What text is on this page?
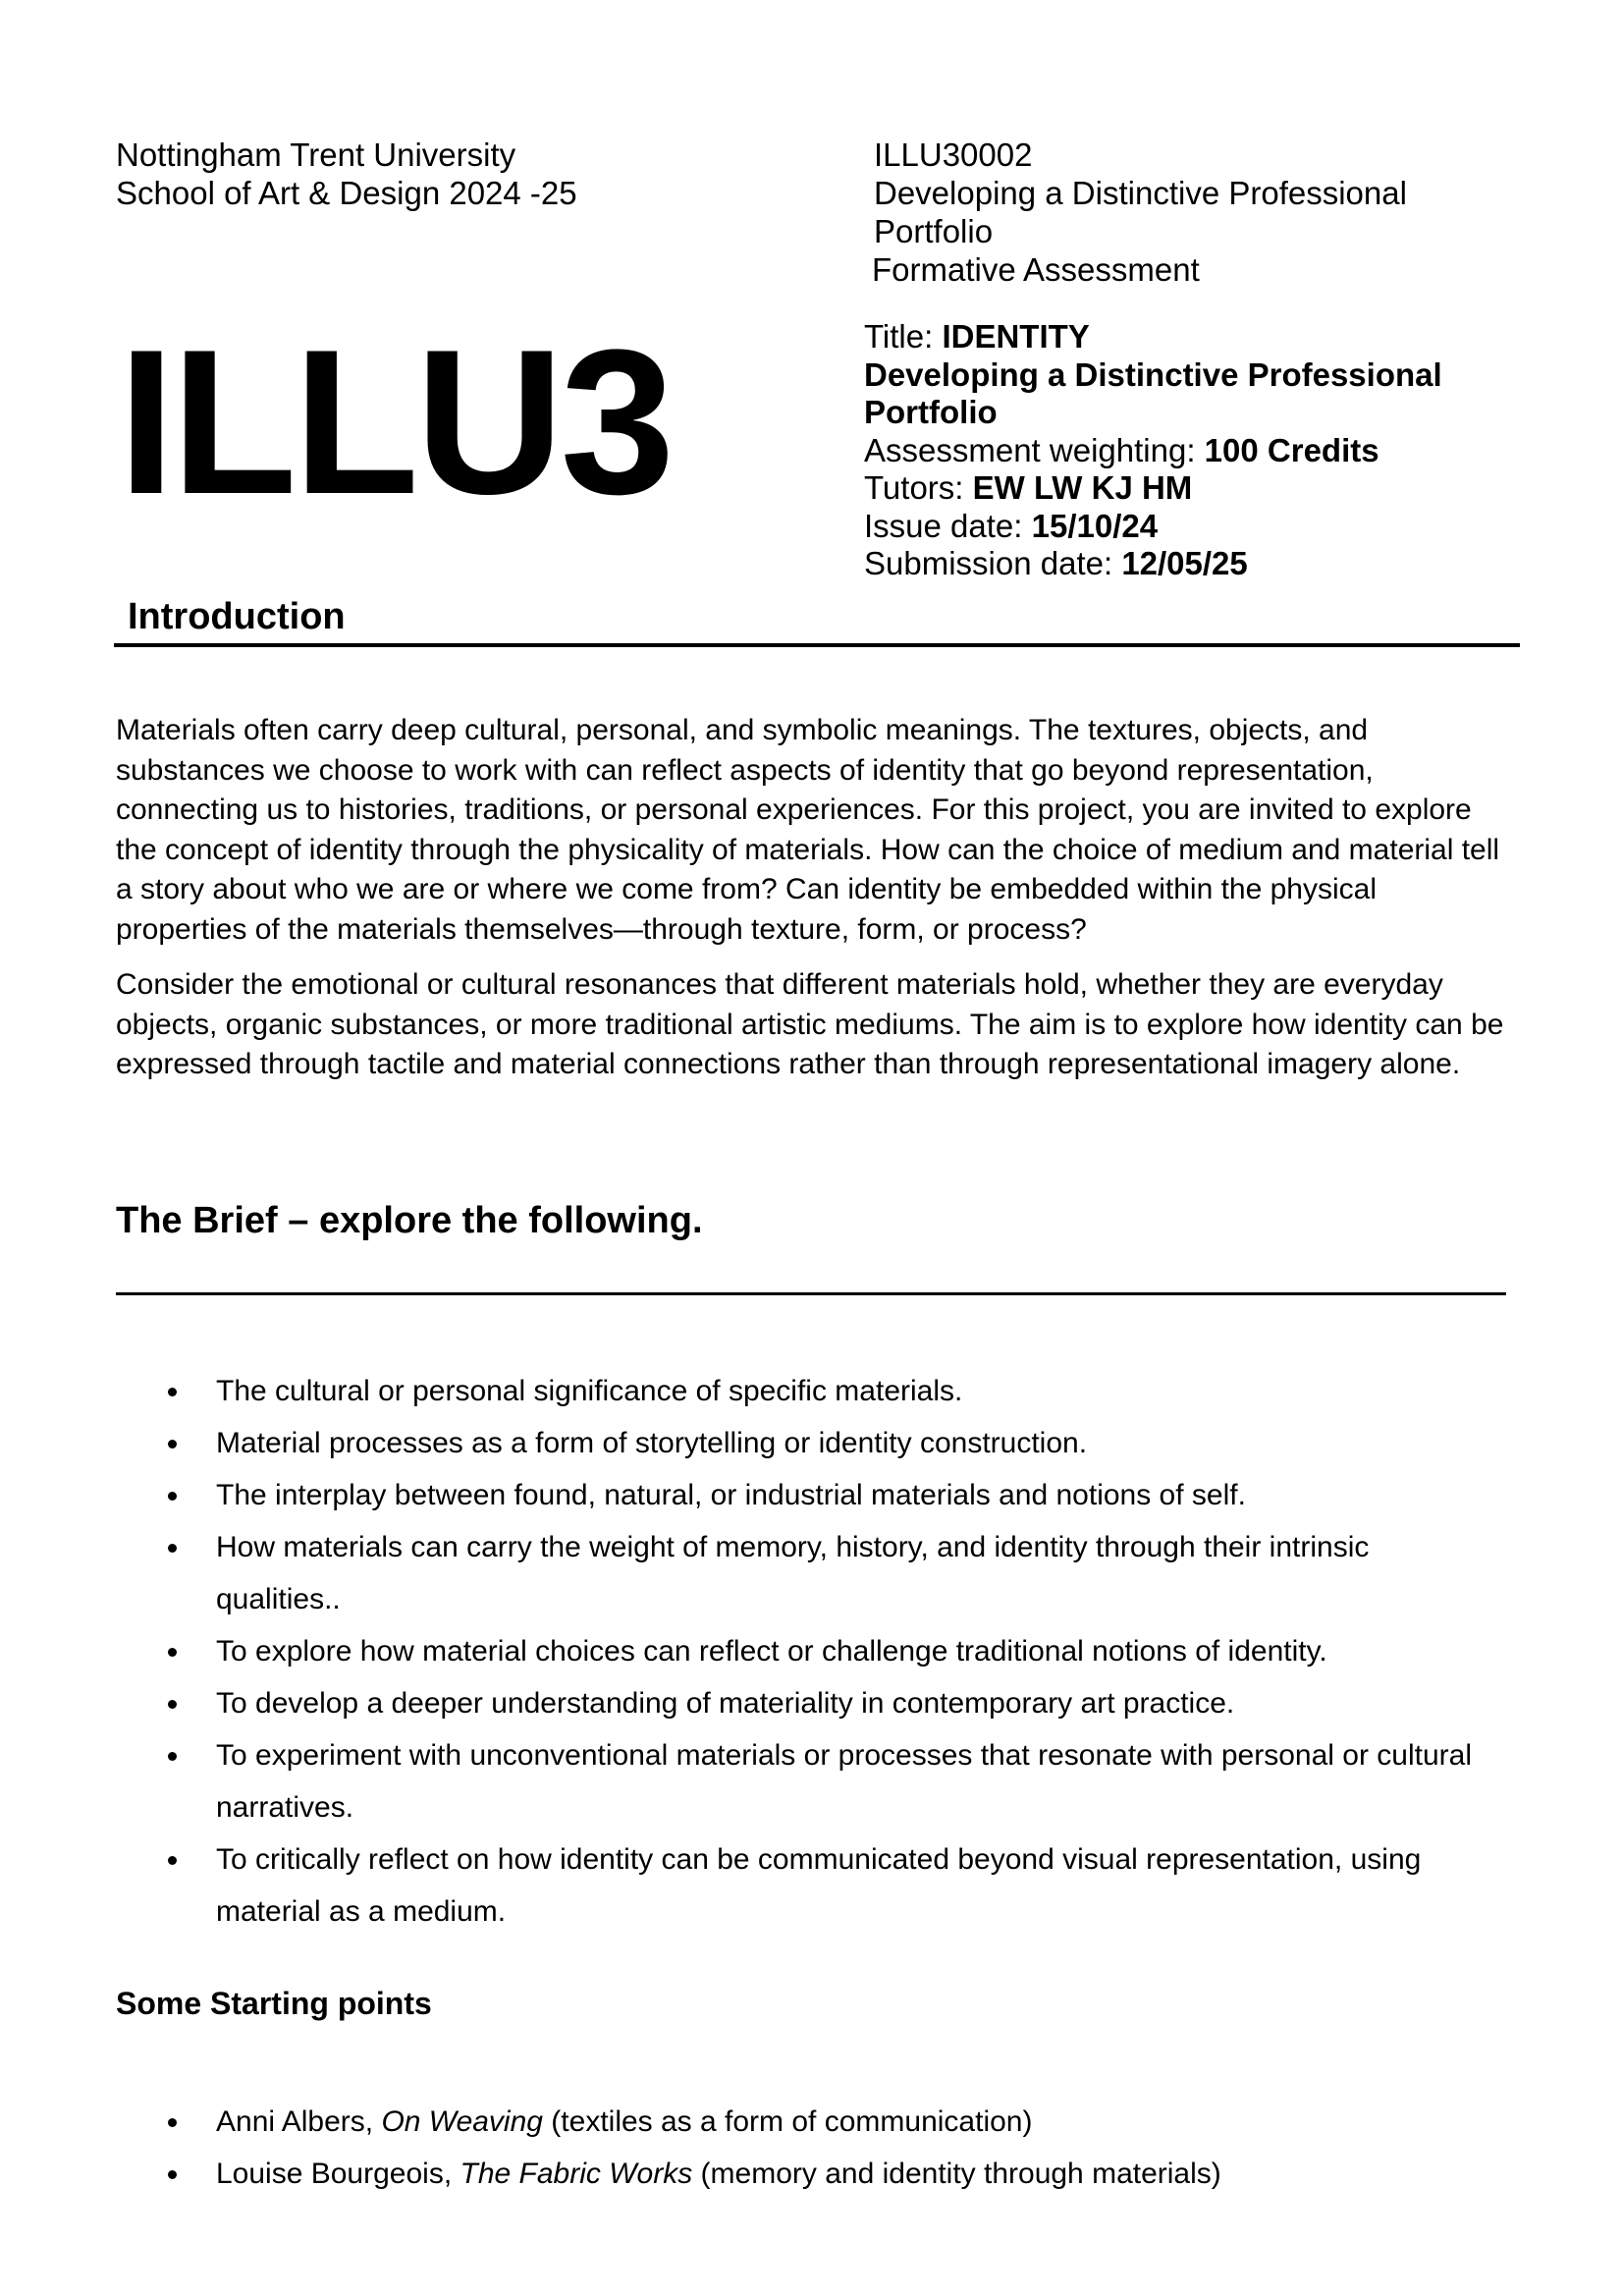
Nottingham Trent University
School of Art & Design 2024 -25
ILLU30002
Developing a Distinctive Professional
Portfolio
Formative Assessment
ILLU3	Title: IDENTITY
Developing a Distinctive Professional
Portfolio
Assessment weighting: 100 Credits
Tutors: EW LW KJ HM
Issue date: 15/10/24
Submission date: 12/05/25
Introduction
Materials often carry deep cultural, personal, and symbolic meanings. The textures, objects, and substances we choose to work with can reflect aspects of identity that go beyond representation, connecting us to histories, traditions, or personal experiences. For this project, you are invited to explore the concept of identity through the physicality of materials. How can the choice of medium and material tell a story about who we are or where we come from? Can identity be embedded within the physical properties of the materials themselves—through texture, form, or process?
Consider the emotional or cultural resonances that different materials hold, whether they are everyday objects, organic substances, or more traditional artistic mediums. The aim is to explore how identity can be expressed through tactile and material connections rather than through representational imagery alone.
The Brief – explore the following.
The cultural or personal significance of specific materials.
Material processes as a form of storytelling or identity construction.
The interplay between found, natural, or industrial materials and notions of self.
How materials can carry the weight of memory, history, and identity through their intrinsic
qualities..
To explore how material choices can reflect or challenge traditional notions of identity.
To develop a deeper understanding of materiality in contemporary art practice.
To experiment with unconventional materials or processes that resonate with personal or cultural
narratives.
To critically reflect on how identity can be communicated beyond visual representation, using
material as a medium.
Some Starting points
Anni Albers, On Weaving (textiles as a form of communication)
Louise Bourgeois, The Fabric Works (memory and identity through materials)
